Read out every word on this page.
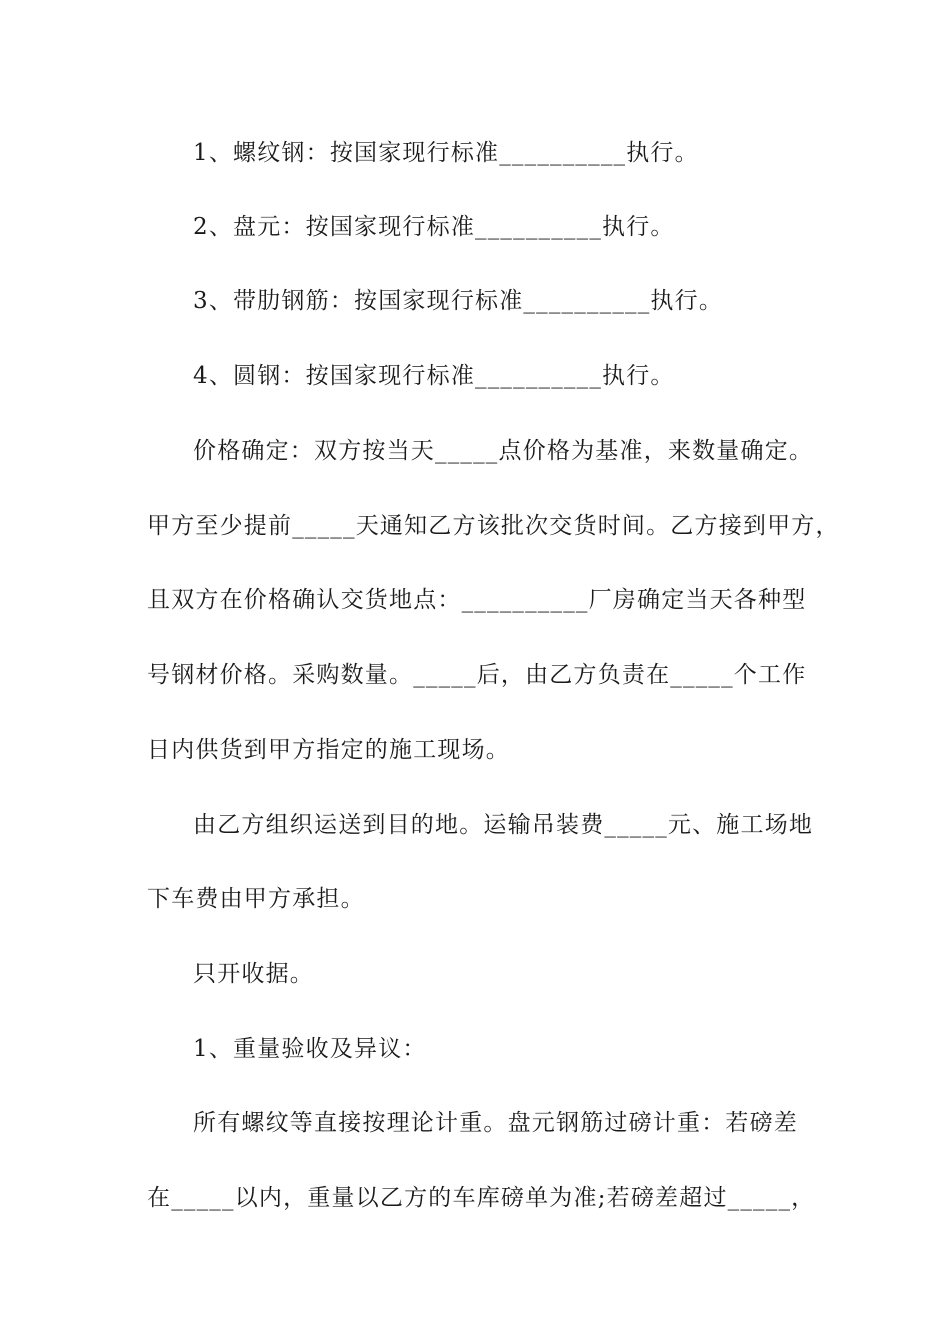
1、螺纹钢：按国家现行标准__________执行。
2、盘元：按国家现行标准__________执行。
3、带肋钢筋：按国家现行标准__________执行。
4、圆钢：按国家现行标准__________执行。
价格确定：双方按当天_____点价格为基准，来数量确定。
甲方至少提前_____天通知乙方该批次交货时间。乙方接到甲方，
且双方在价格确认交货地点：__________厂房确定当天各种型
号钢材价格。采购数量。_____后，由乙方负责在_____个工作
日内供货到甲方指定的施工现场。
由乙方组织运送到目的地。运输吊装费_____元、施工场地
下车费由甲方承担。
只开收据。
1、重量验收及异议：
所有螺纹等直接按理论计重。盘元钢筋过磅计重：若磅差
在_____以内，重量以乙方的车库磅单为准;若磅差超过_____，
